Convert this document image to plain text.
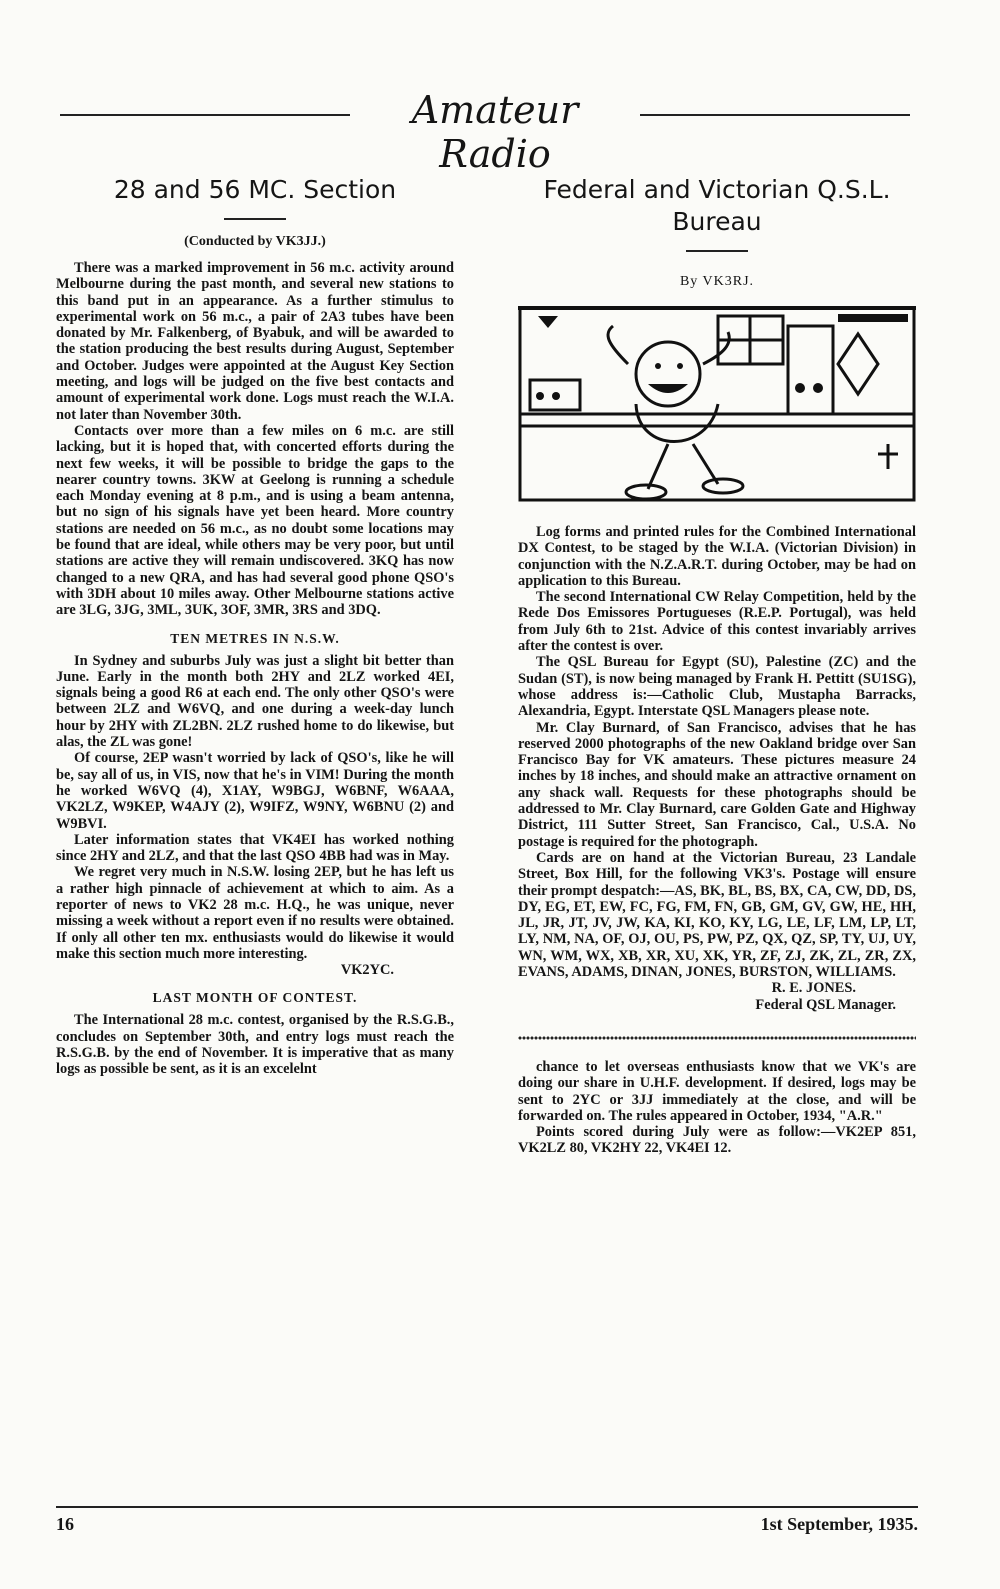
Amateur Radio
28 and 56 MC. Section
(Conducted by VK3JJ.)

There was a marked improvement in 56 m.c. activity around Melbourne during the past month, and several new stations to this band put in an appearance. As a further stimulus to experimental work on 56 m.c., a pair of 2A3 tubes have been donated by Mr. Falkenberg, of Byabuk, and will be awarded to the station producing the best results during August, September and October. Judges were appointed at the August Key Section meeting, and logs will be judged on the five best contacts and amount of experimental work done. Logs must reach the W.I.A. not later than November 30th.

Contacts over more than a few miles on 6 m.c. are still lacking, but it is hoped that, with concerted efforts during the next few weeks, it will be possible to bridge the gaps to the nearer country towns. 3KW at Geelong is running a schedule each Monday evening at 8 p.m., and is using a beam antenna, but no sign of his signals have yet been heard. More country stations are needed on 56 m.c., as no doubt some locations may be found that are ideal, while others may be very poor, but until stations are active they will remain undiscovered. 3KQ has now changed to a new QRA, and has had several good phone QSO's with 3DH about 10 miles away. Other Melbourne stations active are 3LG, 3JG, 3ML, 3UK, 3OF, 3MR, 3RS and 3DQ.

TEN METRES IN N.S.W.

In Sydney and suburbs July was just a slight bit better than June. Early in the month both 2HY and 2LZ worked 4EI, signals being a good R6 at each end. The only other QSO's were between 2LZ and W6VQ, and one during a week-day lunch hour by 2HY with ZL2BN. 2LZ rushed home to do likewise, but alas, the ZL was gone!

Of course, 2EP wasn't worried by lack of QSO's, like he will be, say all of us, in VIS, now that he's in VIM! During the month he worked W6VQ (4), X1AY, W9BGJ, W6BNF, W6AAA, VK2LZ, W9KEP, W4AJY (2), W9IFZ, W9NY, W6BNU (2) and W9BVI.

Later information states that VK4EI has worked nothing since 2HY and 2LZ, and that the last QSO 4BB had was in May.

We regret very much in N.S.W. losing 2EP, but he has left us a rather high pinnacle of achievement at which to aim. As a reporter of news to VK2 28 m.c. H.Q., he was unique, never missing a week without a report even if no results were obtained. If only all other ten mx. enthusiasts would do likewise it would make this section much more interesting.

VK2YC.
LAST MONTH OF CONTEST.

The International 28 m.c. contest, organised by the R.S.G.B., concludes on September 30th, and entry logs must reach the R.S.G.B. by the end of November. It is imperative that as many logs as possible be sent, as it is an excelelnt

Federal and Victorian Q.S.L. Bureau
By VK3RJ.

Log forms and printed rules for the Combined International DX Contest, to be staged by the W.I.A. (Victorian Division) in conjunction with the N.Z.A.R.T. during October, may be had on application to this Bureau.

The second International CW Relay Competition, held by the Rede Dos Emissores Portugueses (R.E.P. Portugal), was held from July 6th to 21st. Advice of this contest invariably arrives after the contest is over.

The QSL Bureau for Egypt (SU), Palestine (ZC) and the Sudan (ST), is now being managed by Frank H. Pettitt (SU1SG), whose address is:—Catholic Club, Mustapha Barracks, Alexandria, Egypt. Interstate QSL Managers please note.

Mr. Clay Burnard, of San Francisco, advises that he has reserved 2000 photographs of the new Oakland bridge over San Francisco Bay for VK amateurs. These pictures measure 24 inches by 18 inches, and should make an attractive ornament on any shack wall. Requests for these photographs should be addressed to Mr. Clay Burnard, care Golden Gate and Highway District, 111 Sutter Street, San Francisco, Cal., U.S.A. No postage is required for the photograph.

Cards are on hand at the Victorian Bureau, 23 Landale Street, Box Hill, for the following VK3's. Postage will ensure their prompt despatch:—AS, BK, BL, BS, BX, CA, CW, DD, DS, DY, EG, ET, EW, FC, FG, FM, FN, GB, GM, GV, GW, HE, HH, JL, JR, JT, JV, JW, KA, KI, KO, KY, LG, LE, LF, LM, LP, LT, LY, NM, NA, OF, OJ, OU, PS, PW, PZ, QX, QZ, SP, TY, UJ, UY, WN, WM, WX, XB, XR, XU, XK, YR, ZF, ZJ, ZK, ZL, ZR, ZX, EVANS, ADAMS, DINAN, JONES, BURSTON, WILLIAMS.

R. E. JONES.
Federal QSL Manager.

chance to let overseas enthusiasts know that we VK's are doing our share in U.H.F. development. If desired, logs may be sent to 2YC or 3JJ immediately at the close, and will be forwarded on. The rules appeared in October, 1934, "A.R."

Points scored during July were as follow:—VK2EP 851, VK2LZ 80, VK2HY 22, VK4EI 12.

16	1st September, 1935.
